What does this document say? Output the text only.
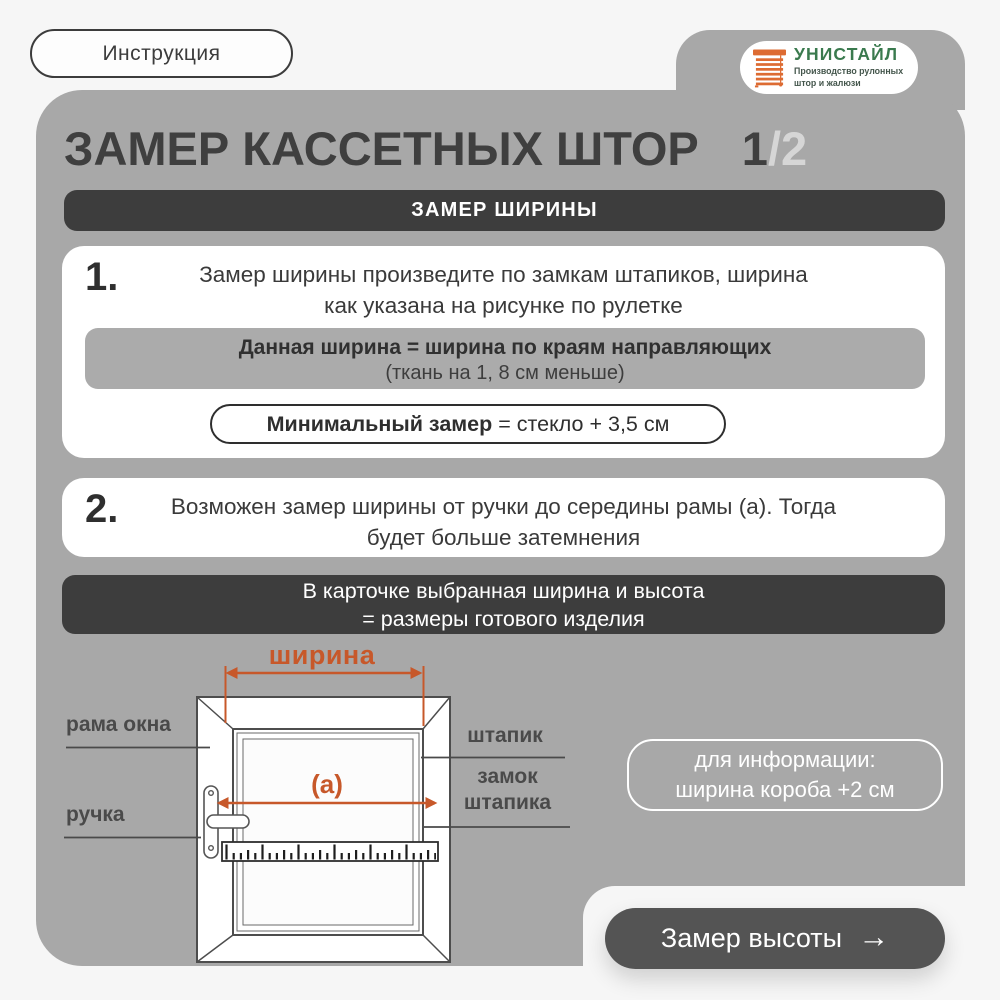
Инструкция	УНИСТАЙЛ
Производство рулонных
штор и жалюзи
ЗАМЕР КАССЕТНЫХ ШТОР 1/2
ЗАМЕР ШИРИНЫ
1.	Замер ширины произведите по замкам штапиков, ширина
как указана на рисунке по рулетке
Данная ширина = ширина по краям направляющих
(ткань на 1, 8 см меньше)
Минимальный замер = стекло + 3,5 см
2.	Возможен замер ширины от ручки до середины рамы (а). Тогда
будет больше затемнения
В карточке выбранная ширина и высота
= размеры готового изделия
ширина
(а)
рама окна
ручка
штапик
замок
штапика
для информации:
ширина короба +2 см
Замер высоты →
